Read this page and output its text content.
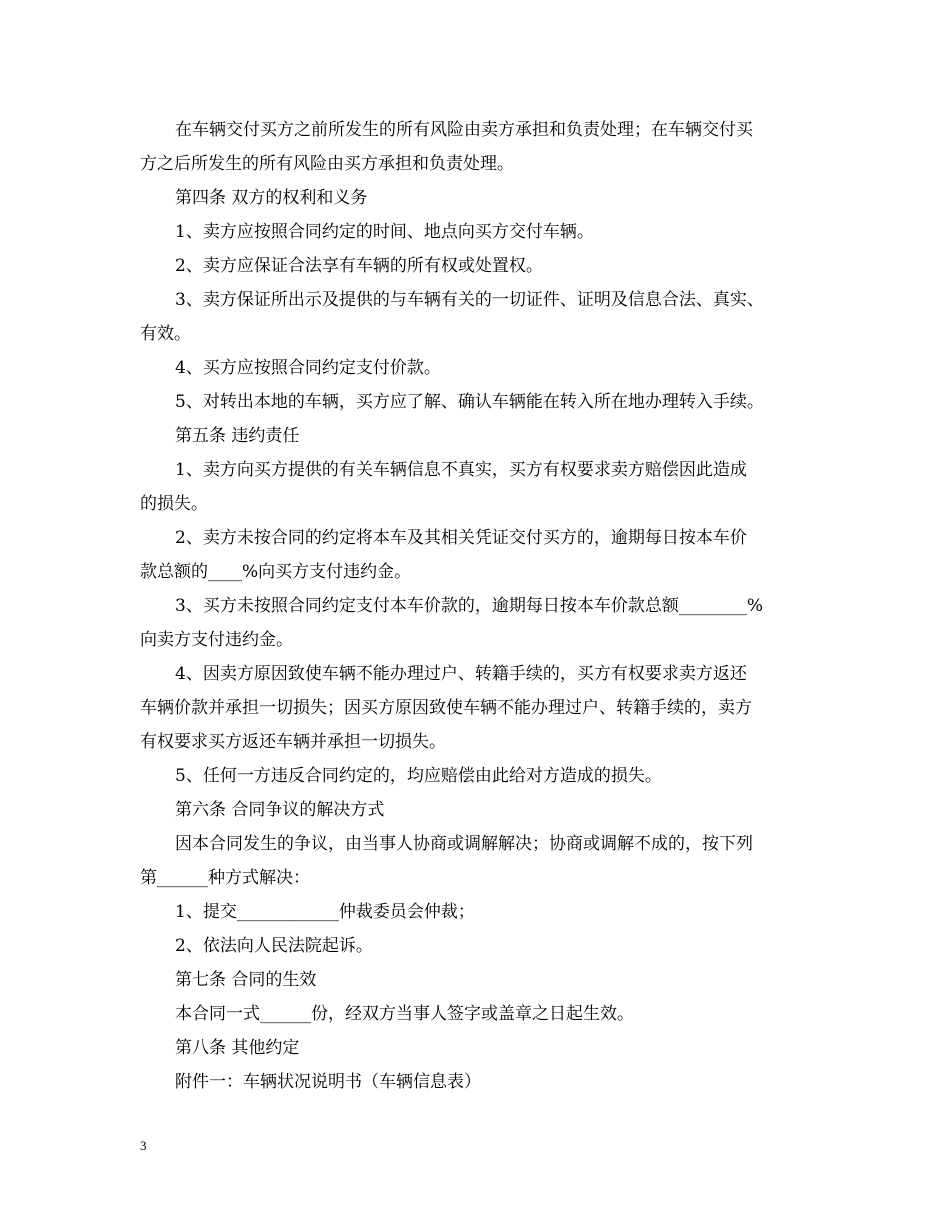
在车辆交付买方之前所发生的所有风险由卖方承担和负责处理；在车辆交付买
方之后所发生的所有风险由买方承担和负责处理。
第四条 双方的权利和义务
1、卖方应按照合同约定的时间、地点向买方交付车辆。
2、卖方应保证合法享有车辆的所有权或处置权。
3、卖方保证所出示及提供的与车辆有关的一切证件、证明及信息合法、真实、
有效。
4、买方应按照合同约定支付价款。
5、对转出本地的车辆，买方应了解、确认车辆能在转入所在地办理转入手续。
第五条 违约责任
1、卖方向买方提供的有关车辆信息不真实，买方有权要求卖方赔偿因此造成
的损失。
2、卖方未按合同的约定将本车及其相关凭证交付买方的，逾期每日按本车价
款总额的____%向买方支付违约金。
3、买方未按照合同约定支付本车价款的，逾期每日按本车价款总额________%
向卖方支付违约金。
4、因卖方原因致使车辆不能办理过户、转籍手续的，买方有权要求卖方返还
车辆价款并承担一切损失；因买方原因致使车辆不能办理过户、转籍手续的，卖方
有权要求买方返还车辆并承担一切损失。
5、任何一方违反合同约定的，均应赔偿由此给对方造成的损失。
第六条 合同争议的解决方式
因本合同发生的争议，由当事人协商或调解解决；协商或调解不成的，按下列
第______种方式解决：
1、提交____________仲裁委员会仲裁；
2、依法向人民法院起诉。
第七条 合同的生效
本合同一式______份，经双方当事人签字或盖章之日起生效。
第八条 其他约定
附件一：车辆状况说明书（车辆信息表）
3
